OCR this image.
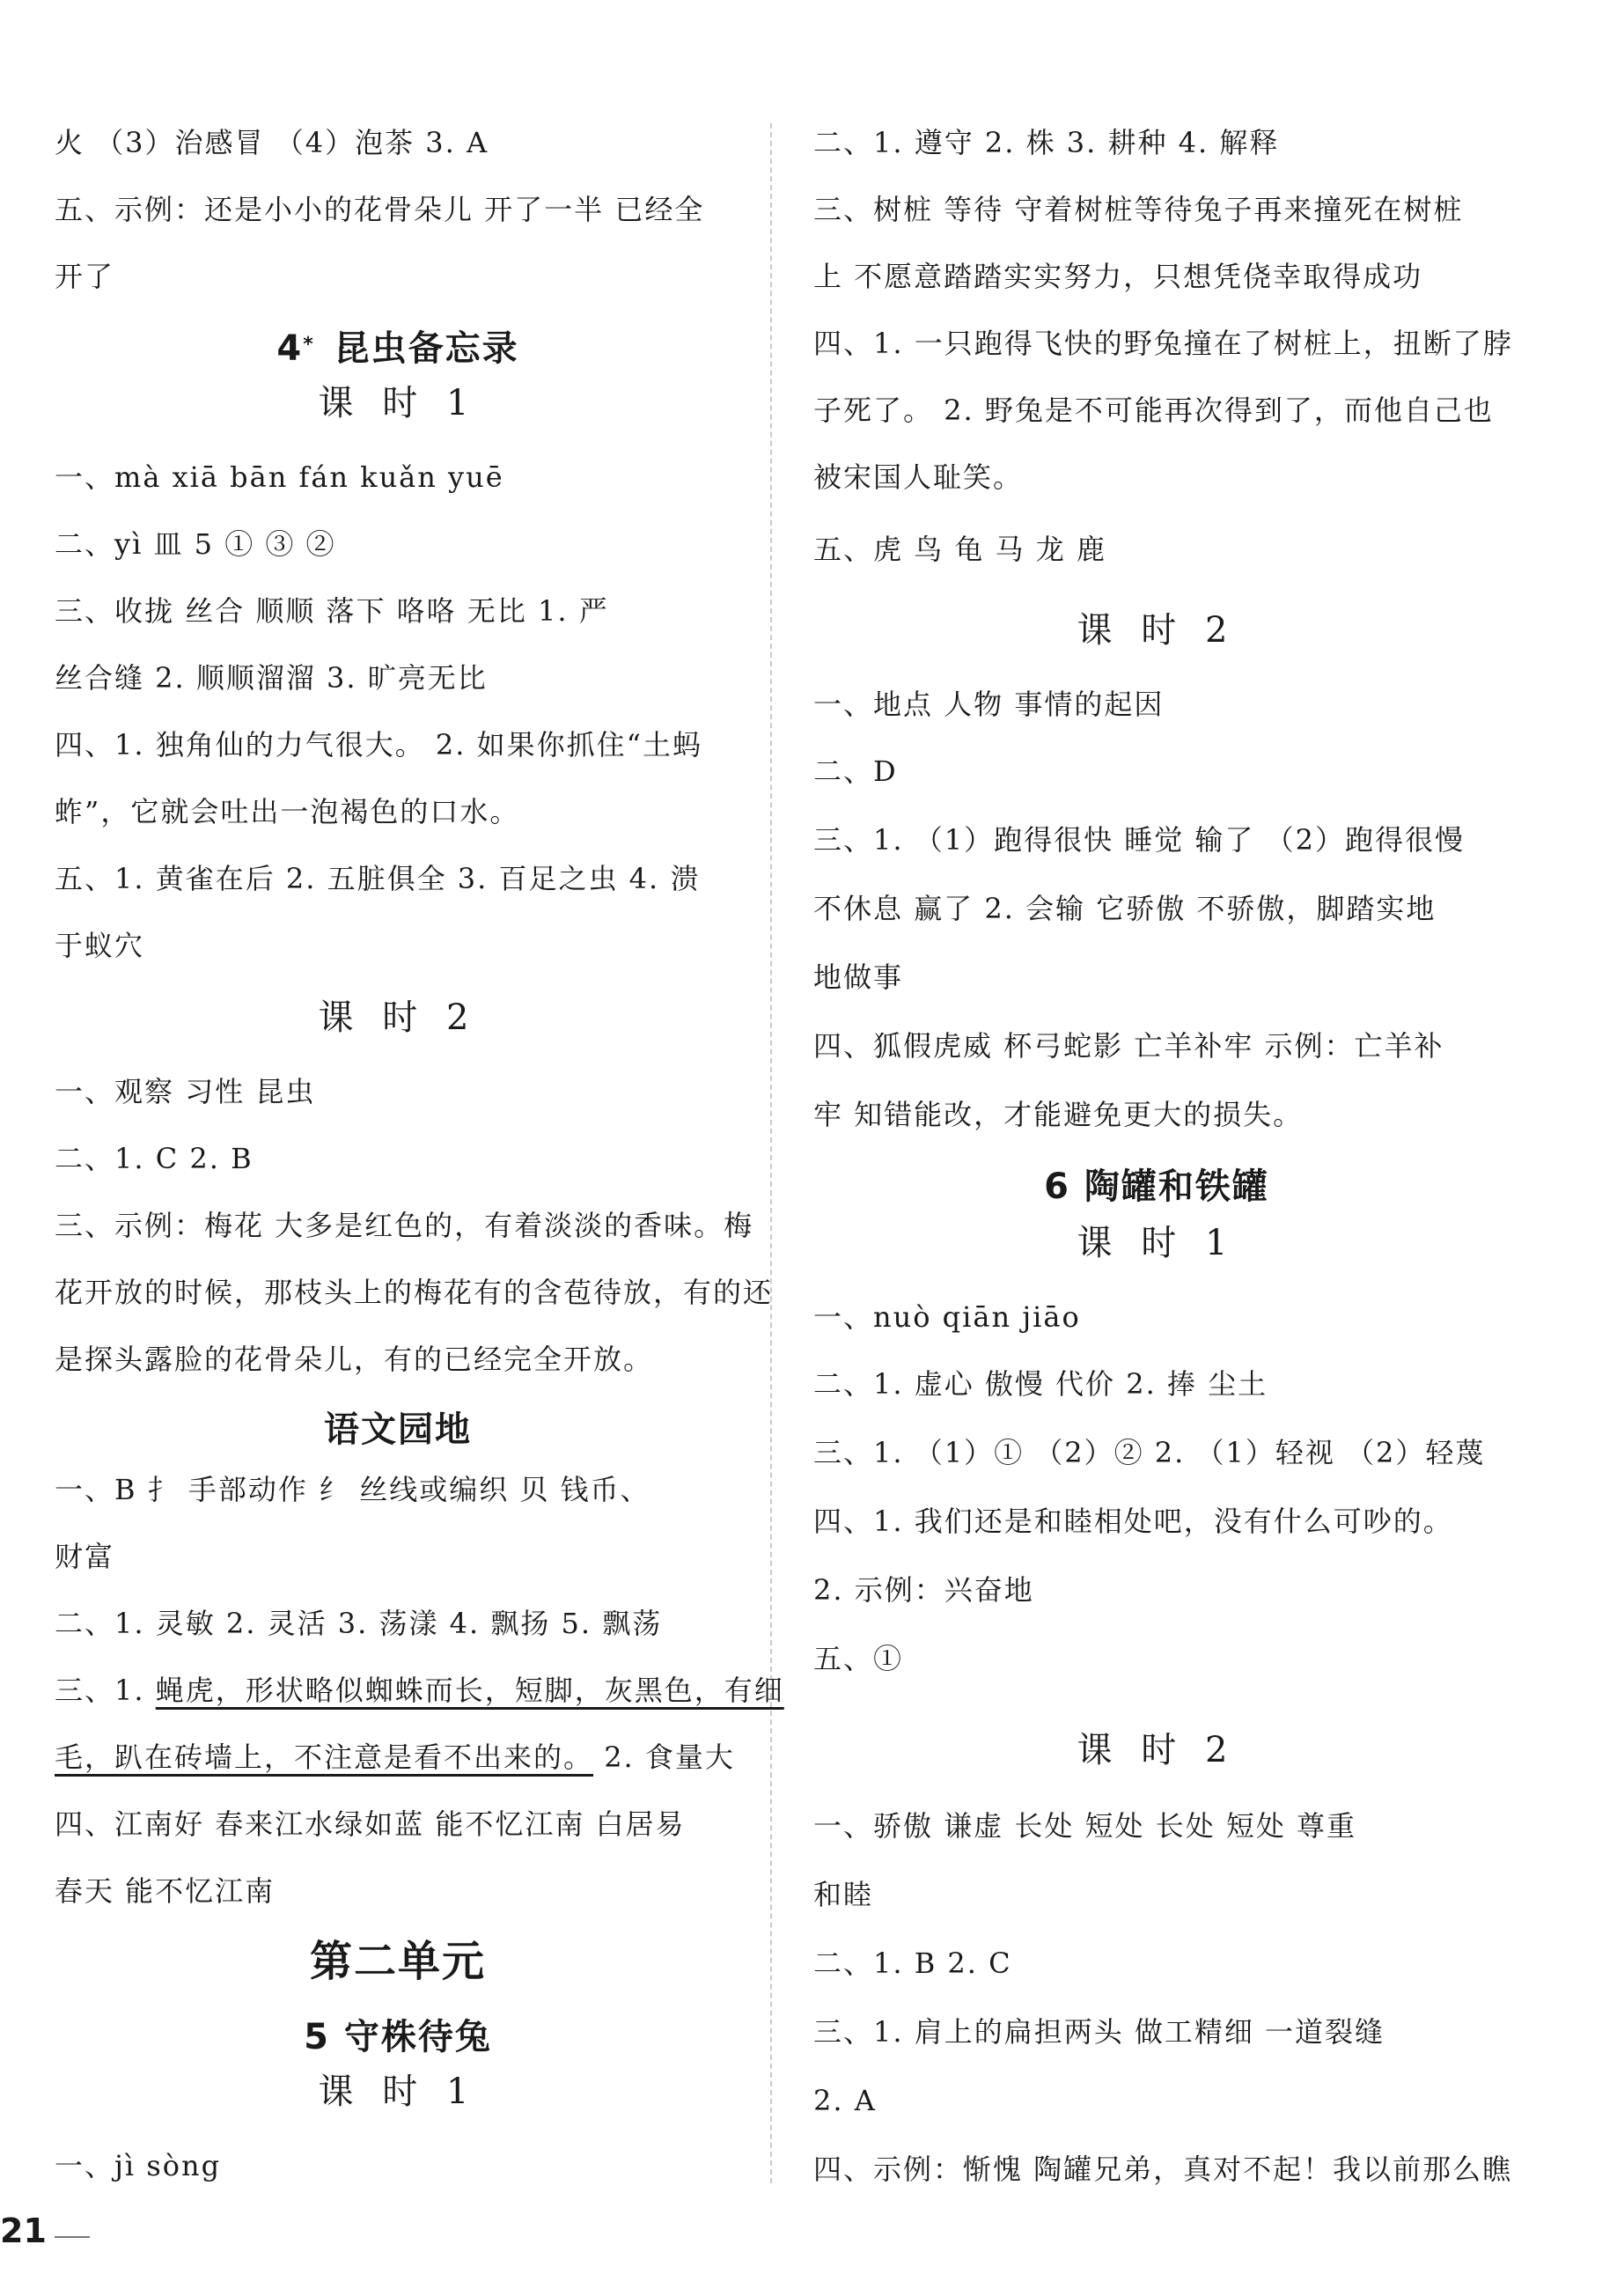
火 （3）治感冒 （4）泡茶 3. A
五、示例：还是小小的花骨朵儿 开了一半 已经全
开了
4* 昆虫备忘录
课 时 1
一、mà xiā bān fán kuǎn yuē
二、yì 皿 5 ① ③ ②
三、收拢 丝合 顺顺 落下 咯咯 无比 1. 严
丝合缝 2. 顺顺溜溜 3. 旷亮无比
四、1. 独角仙的力气很大。 2. 如果你抓住“土蚂
蚱”，它就会吐出一泡褐色的口水。
五、1. 黄雀在后 2. 五脏俱全 3. 百足之虫 4. 溃
于蚁穴
课 时 2
一、观察 习性 昆虫
二、1. C 2. B
三、示例：梅花 大多是红色的，有着淡淡的香味。梅
花开放的时候，那枝头上的梅花有的含苞待放，有的还
是探头露脸的花骨朵儿，有的已经完全开放。
语文园地
一、B 扌 手部动作 纟 丝线或编织 贝 钱币、
财富
二、1. 灵敏 2. 灵活 3. 荡漾 4. 飘扬 5. 飘荡
三、1. 蝇虎，形状略似蜘蛛而长，短脚，灰黑色，有细
毛，趴在砖墙上，不注意是看不出来的。 2. 食量大
四、江南好 春来江水绿如蓝 能不忆江南 白居易
春天 能不忆江南
第二单元
5 守株待兔
课 时 1
一、jì sòng
二、1. 遵守 2. 株 3. 耕种 4. 解释
三、树桩 等待 守着树桩等待兔子再来撞死在树桩
上 不愿意踏踏实实努力，只想凭侥幸取得成功
四、1. 一只跑得飞快的野兔撞在了树桩上，扭断了脖
子死了。 2. 野兔是不可能再次得到了，而他自己也
被宋国人耻笑。
五、虎 鸟 龟 马 龙 鹿
课 时 2
一、地点 人物 事情的起因
二、D
三、1. （1）跑得很快 睡觉 输了 （2）跑得很慢
不休息 赢了 2. 会输 它骄傲 不骄傲，脚踏实地
地做事
四、狐假虎威 杯弓蛇影 亡羊补牢 示例：亡羊补
牢 知错能改，才能避免更大的损失。
6 陶罐和铁罐
课 时 1
一、nuò qiān jiāo
二、1. 虚心 傲慢 代价 2. 捧 尘土
三、1. （1）① （2）② 2. （1）轻视 （2）轻蔑
四、1. 我们还是和睦相处吧，没有什么可吵的。
2. 示例：兴奋地
五、①
课 时 2
一、骄傲 谦虚 长处 短处 长处 短处 尊重
和睦
二、1. B 2. C
三、1. 肩上的扁担两头 做工精细 一道裂缝
2. A
四、示例：惭愧 陶罐兄弟，真对不起！我以前那么瞧
21
